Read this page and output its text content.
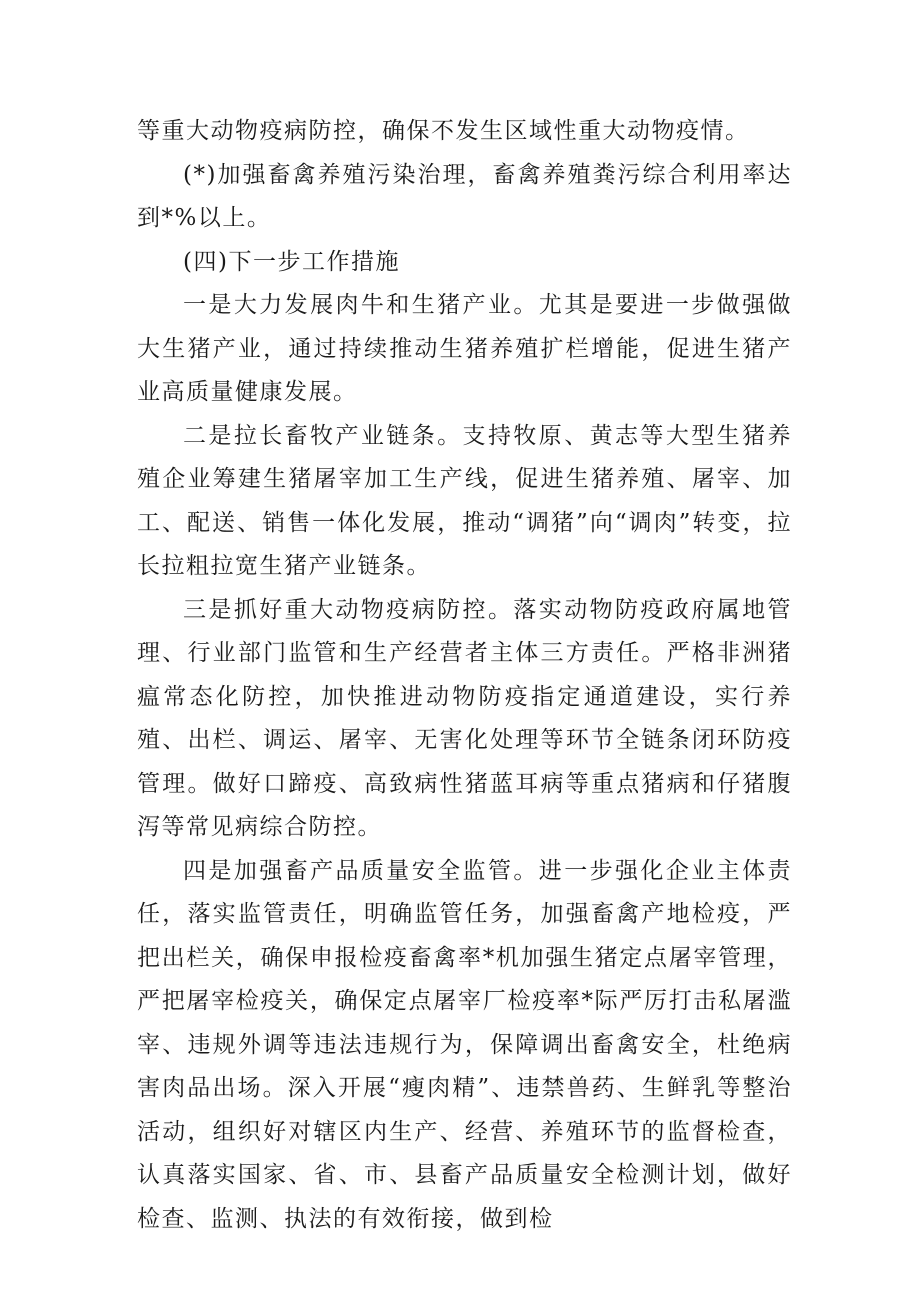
等重大动物疫病防控，确保不发生区域性重大动物疫情。

(*)加强畜禽养殖污染治理，畜禽养殖粪污综合利用率达到*%以上。

(四)下一步工作措施

一是大力发展肉牛和生猪产业。尤其是要进一步做强做大生猪产业，通过持续推动生猪养殖扩栏增能，促进生猪产业高质量健康发展。

二是拉长畜牧产业链条。支持牧原、黄志等大型生猪养殖企业筹建生猪屠宰加工生产线，促进生猪养殖、屠宰、加工、配送、销售一体化发展，推动“调猪”向“调肉”转变，拉长拉粗拉宽生猪产业链条。

三是抓好重大动物疫病防控。落实动物防疫政府属地管理、行业部门监管和生产经营者主体三方责任。严格非洲猪瘟常态化防控，加快推进动物防疫指定通道建设，实行养殖、出栏、调运、屠宰、无害化处理等环节全链条闭环防疫管理。做好口蹄疫、高致病性猪蓝耳病等重点猪病和仔猪腹泻等常见病综合防控。

四是加强畜产品质量安全监管。进一步强化企业主体责任，落实监管责任，明确监管任务，加强畜禽产地检疫，严把出栏关，确保申报检疫畜禽率*机加强生猪定点屠宰管理，严把屠宰检疫关，确保定点屠宰厂检疫率*际严厉打击私屠滥宰、违规外调等违法违规行为，保障调出畜禽安全，杜绝病害肉品出场。深入开展“瘦肉精”、违禁兽药、生鲜乳等整治活动，组织好对辖区内生产、经营、养殖环节的监督检查，认真落实国家、省、市、县畜产品质量安全检测计划，做好检查、监测、执法的有效衔接，做到检
